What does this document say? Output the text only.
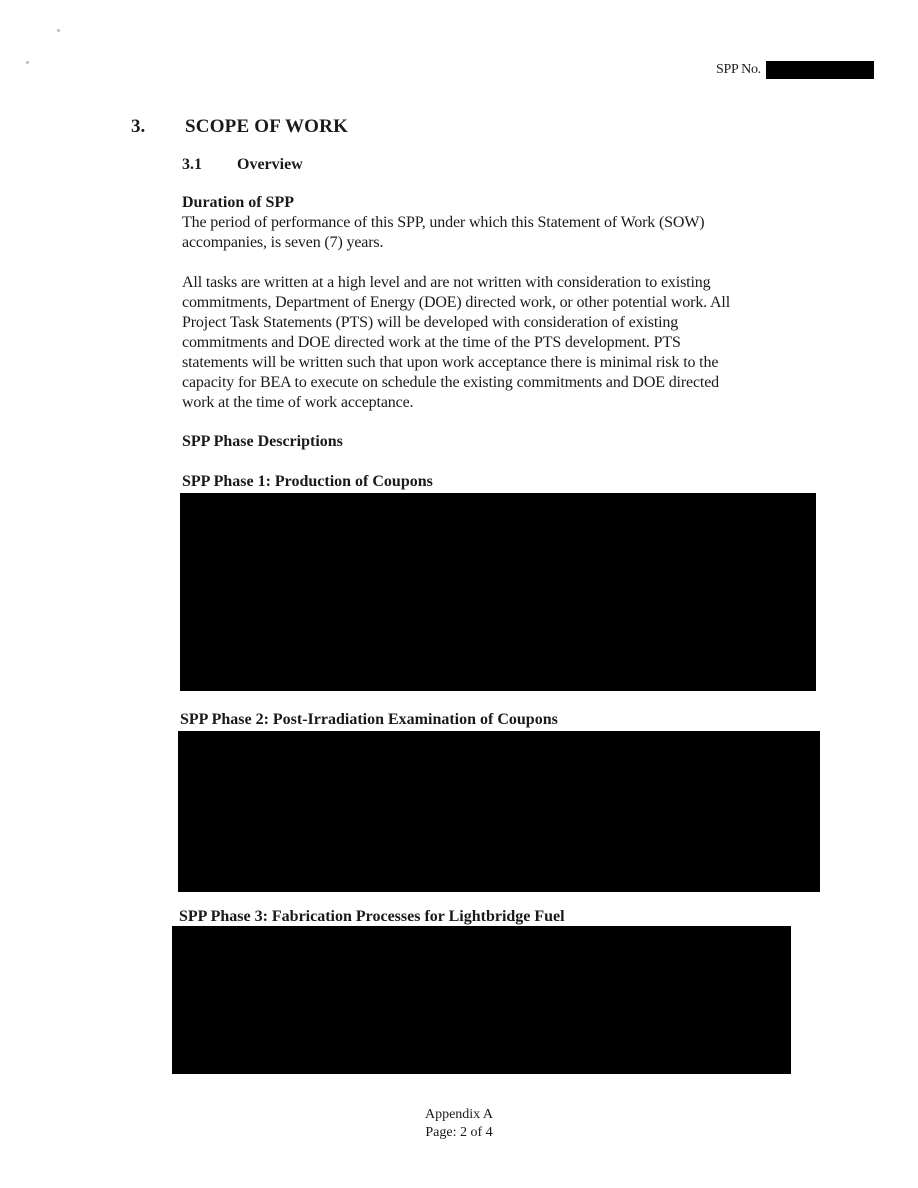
SPP No.
3. SCOPE OF WORK
3.1 Overview
Duration of SPP

The period of performance of this SPP, under which this Statement of Work (SOW)

accompanies, is seven (7) years.

All tasks are written at a high level and are not written with consideration to existing

commitments, Department of Energy (DOE) directed work, or other potential work. All

Project Task Statements (PTS) will be developed with consideration of existing

commitments and DOE directed work at the time of the PTS development. PTS

statements will be written such that upon work acceptance there is minimal risk to the

capacity for BEA to execute on schedule the existing commitments and DOE directed

work at the time of work acceptance.

SPP Phase Descriptions
SPP Phase 1: Production of Coupons
SPP Phase 2: Post-Irradiation Examination of Coupons
SPP Phase 3: Fabrication Processes for Lightbridge Fuel
Appendix A
Page: 2 of 4
